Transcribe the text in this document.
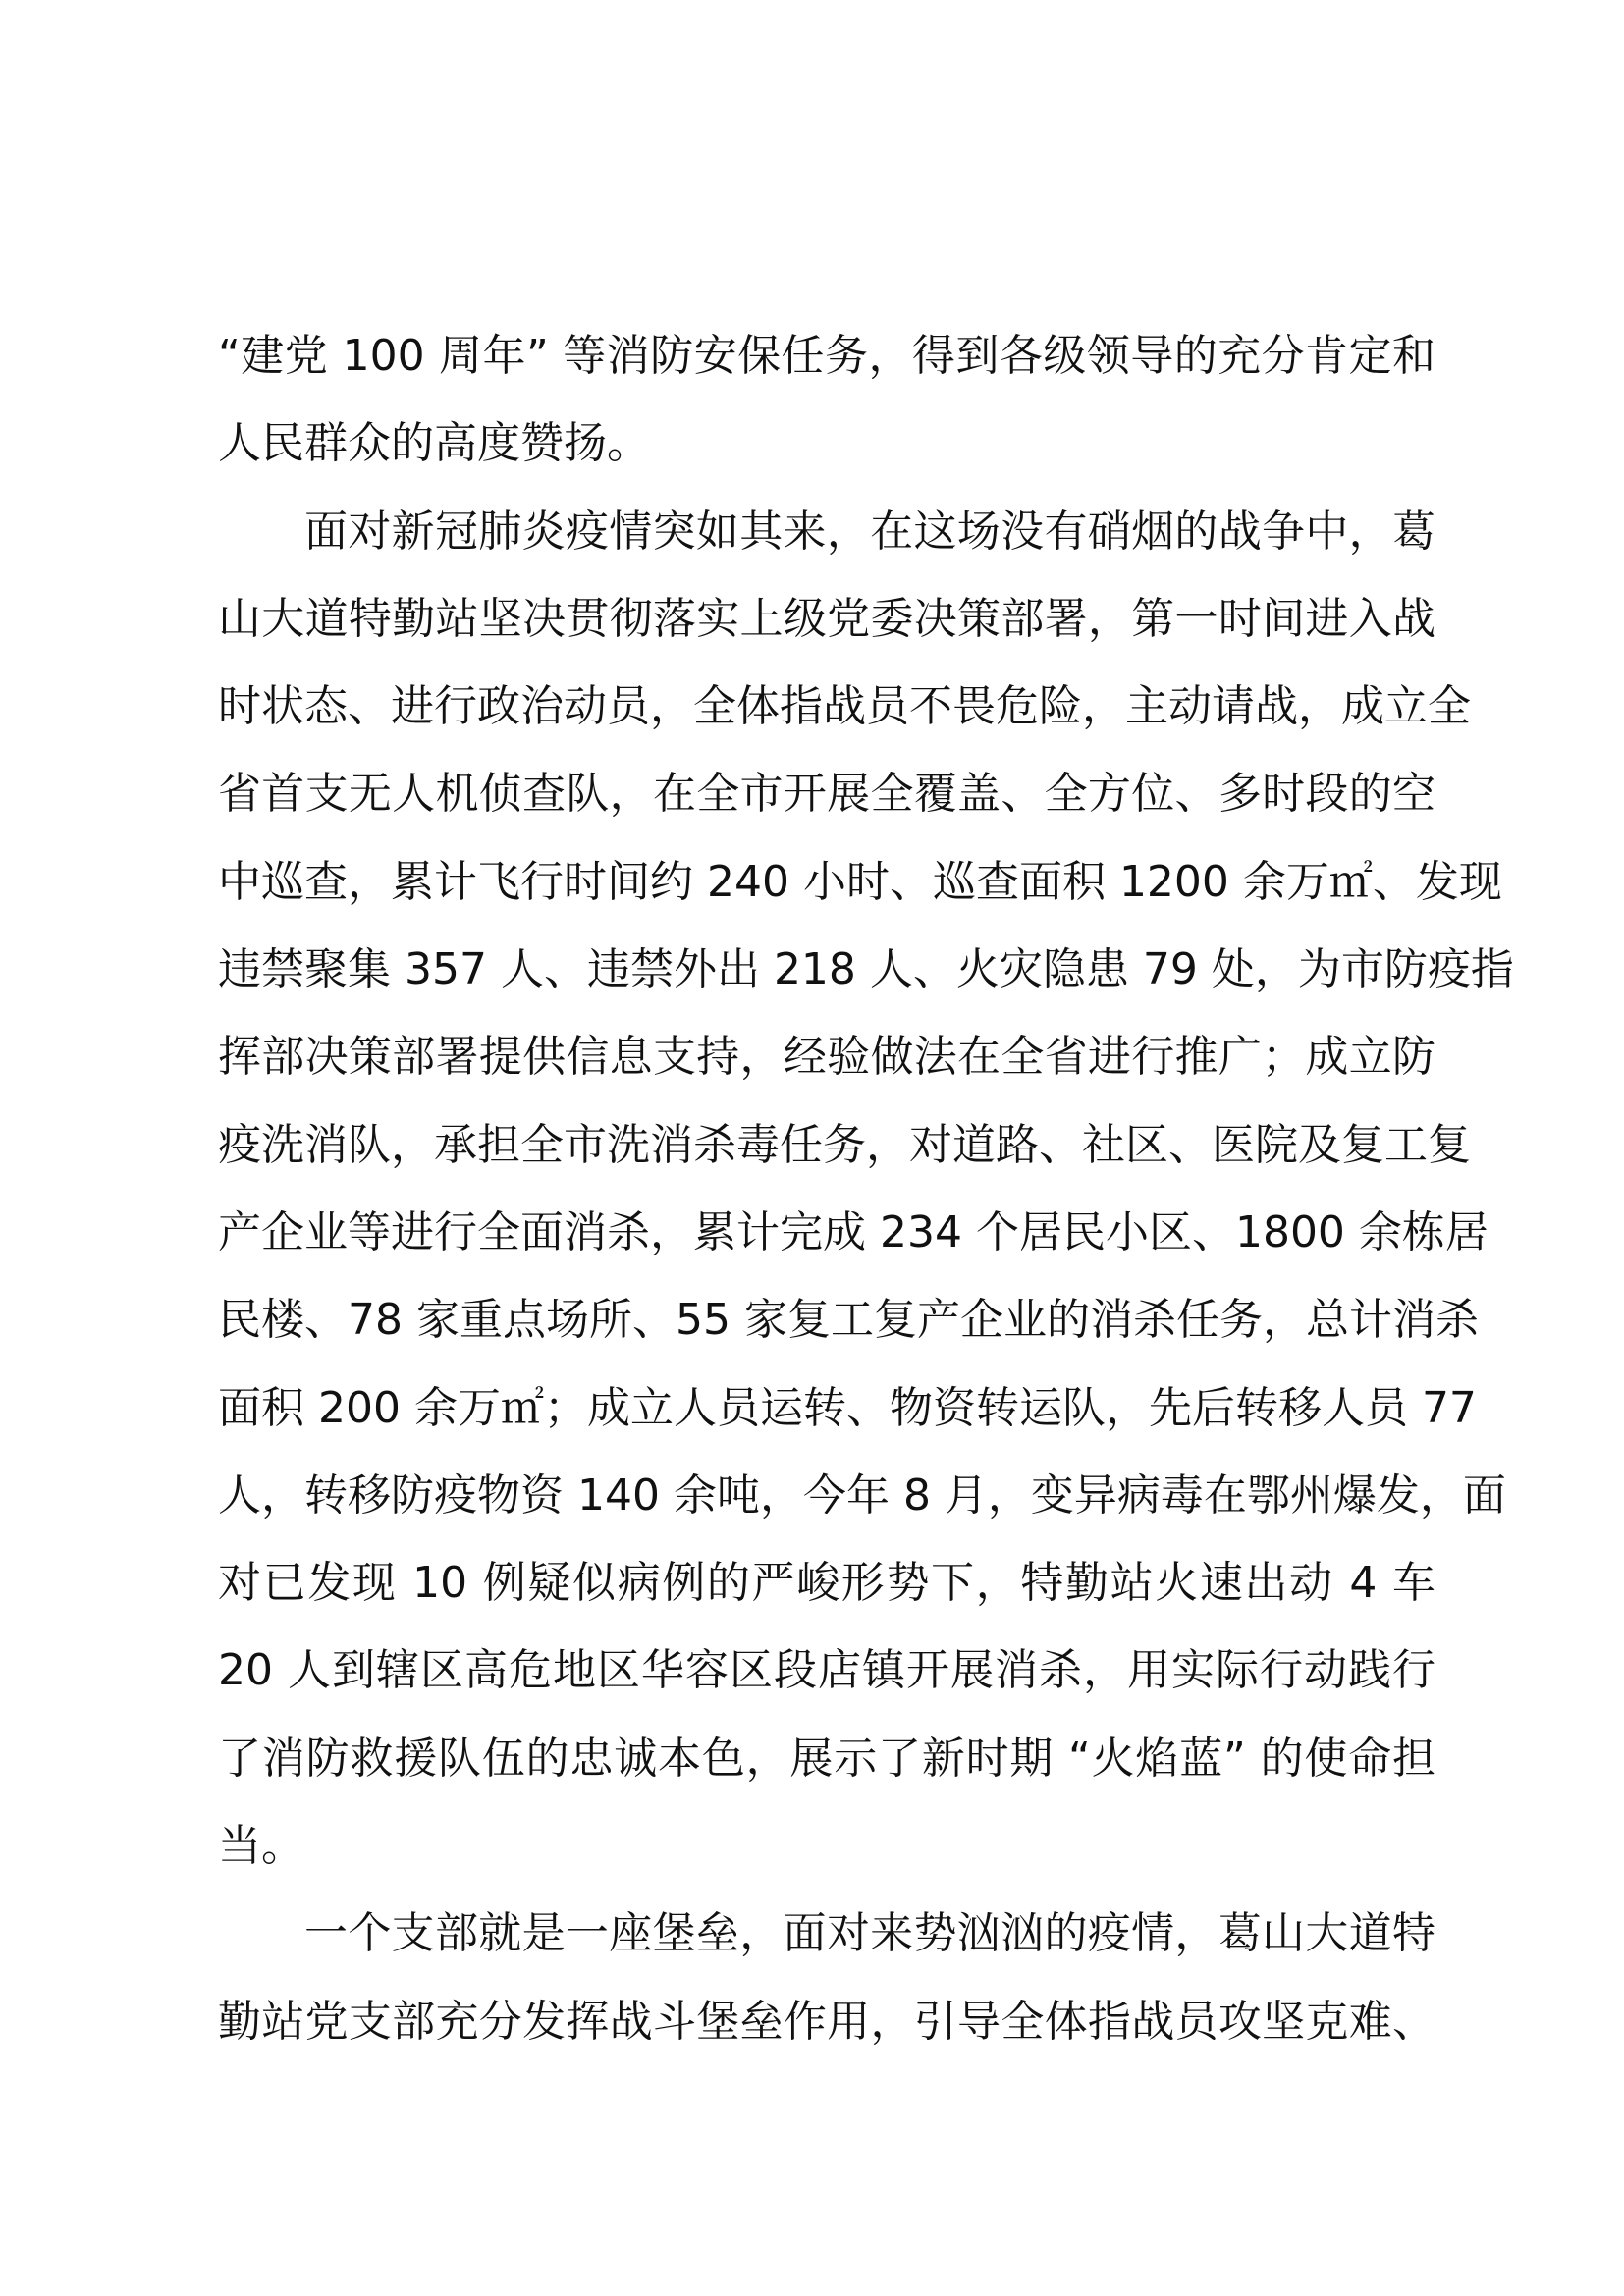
“建党 100 周年” 等消防安保任务，得到各级领导的充分肯定和
人民群众的高度赞扬。
面对新冠肺炎疫情突如其来，在这场没有硝烟的战争中，葛
山大道特勤站坚决贯彻落实上级党委决策部署，第一时间进入战
时状态、进行政治动员，全体指战员不畏危险，主动请战，成立全
省首支无人机侦查队，在全市开展全覆盖、全方位、多时段的空
中巡查，累计飞行时间约 240 小时、巡查面积 1200 余万㎡、发现
违禁聚集 357 人、违禁外出 218 人、火灾隐患 79 处，为市防疫指
挥部决策部署提供信息支持，经验做法在全省进行推广；成立防
疫洗消队，承担全市洗消杀毒任务，对道路、社区、医院及复工复
产企业等进行全面消杀，累计完成 234 个居民小区、1800 余栋居
民楼、78 家重点场所、55 家复工复产企业的消杀任务，总计消杀
面积 200 余万㎡；成立人员运转、物资转运队，先后转移人员 77
人，转移防疫物资 140 余吨，今年 8 月，变异病毒在鄂州爆发，面
对已发现 10 例疑似病例的严峻形势下，特勤站火速出动 4 车
20 人到辖区高危地区华容区段店镇开展消杀，用实际行动践行
了消防救援队伍的忠诚本色，展示了新时期 “火焰蓝” 的使命担
当。
一个支部就是一座堡垒，面对来势汹汹的疫情，葛山大道特
勤站党支部充分发挥战斗堡垒作用，引导全体指战员攻坚克难、
